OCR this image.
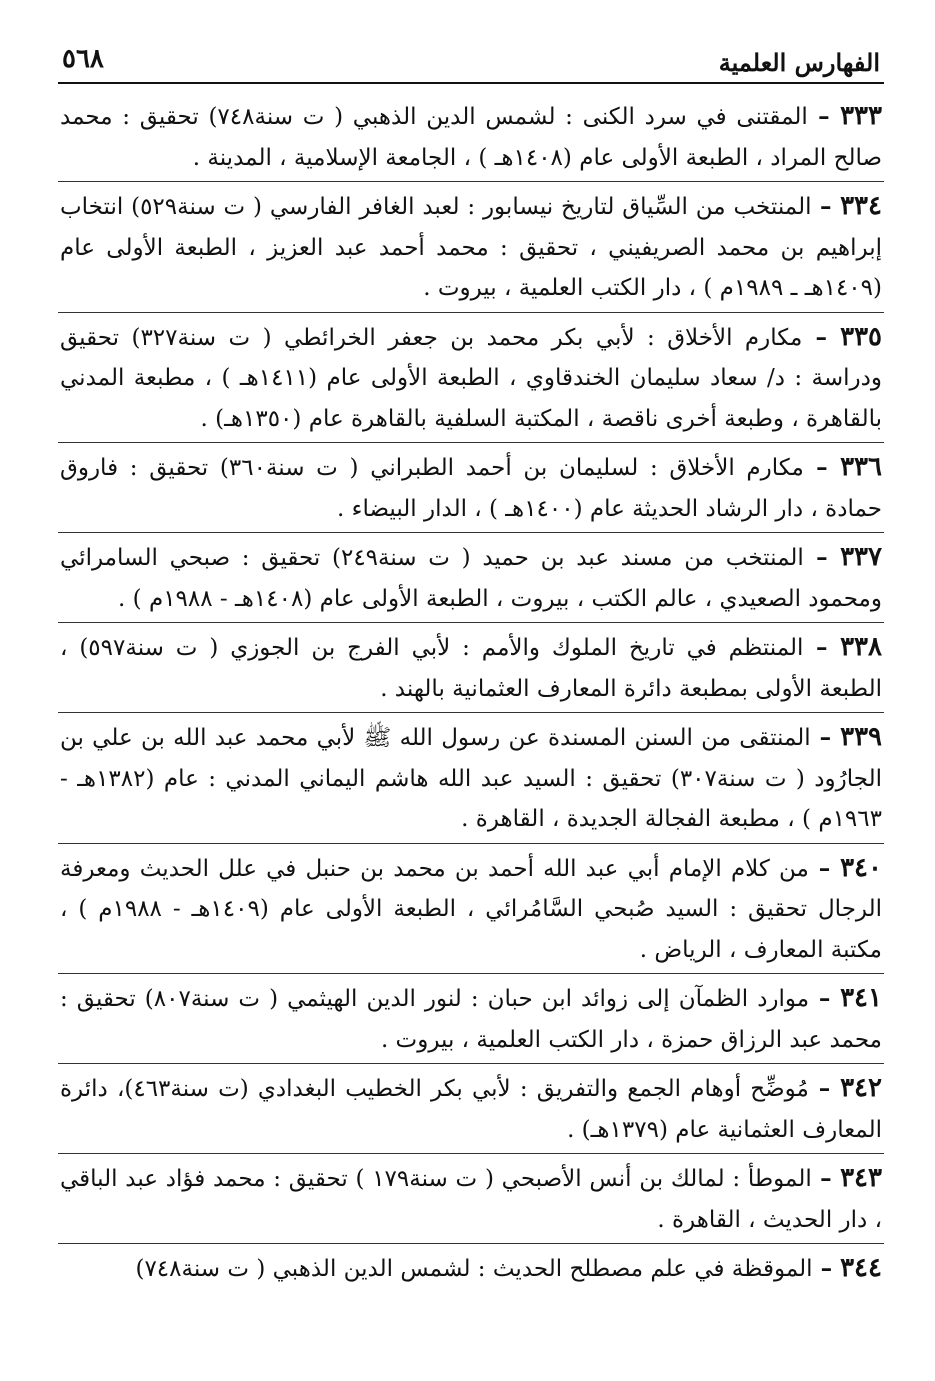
٥٦٨	الفهارس العلمية

٣٣٣ – المقتنى في سرد الكنى : لشمس الدين الذهبي ( ت سنة٧٤٨) تحقيق : محمد صالح المراد ، الطبعة الأولى عام (١٤٠٨هـ ) ، الجامعة الإسلامية ، المدينة .

٣٣٤ – المنتخب من السِّياق لتاريخ نيسابور : لعبد الغافر الفارسي ( ت سنة٥٢٩) انتخاب إبراهيم بن محمد الصريفيني ، تحقيق : محمد أحمد عبد العزيز ، الطبعة الأولى عام (١٤٠٩هـ ـ ١٩٨٩م ) ، دار الكتب العلمية ، بيروت .

٣٣٥ – مكارم الأخلاق : لأبي بكر محمد بن جعفر الخرائطي ( ت سنة٣٢٧) تحقيق ودراسة : د/ سعاد سليمان الخندقاوي ، الطبعة الأولى عام (١٤١١هـ ) ، مطبعة المدني بالقاهرة ، وطبعة أخرى ناقصة ، المكتبة السلفية بالقاهرة عام (١٣٥٠هـ) .

٣٣٦ – مكارم الأخلاق : لسليمان بن أحمد الطبراني ( ت سنة٣٦٠) تحقيق : فاروق حمادة ، دار الرشاد الحديثة عام (١٤٠٠هـ ) ، الدار البيضاء .

٣٣٧ – المنتخب من مسند عبد بن حميد ( ت سنة٢٤٩) تحقيق : صبحي السامرائي ومحمود الصعيدي ، عالم الكتب ، بيروت ، الطبعة الأولى عام (١٤٠٨هـ - ١٩٨٨م ) .

٣٣٨ – المنتظم في تاريخ الملوك والأمم : لأبي الفرج بن الجوزي ( ت سنة٥٩٧) ، الطبعة الأولى بمطبعة دائرة المعارف العثمانية بالهند .

٣٣٩ – المنتقى من السنن المسندة عن رسول الله ﷺ لأبي محمد عبد الله بن علي بن الجارُود ( ت سنة٣٠٧) تحقيق : السيد عبد الله هاشم اليماني المدني : عام (١٣٨٢هـ - ١٩٦٣م ) ، مطبعة الفجالة الجديدة ، القاهرة .

٣٤٠ – من كلام الإمام أبي عبد الله أحمد بن محمد بن حنبل في علل الحديث ومعرفة الرجال تحقيق : السيد صُبحي السَّامُرائي ، الطبعة الأولى عام (١٤٠٩هـ - ١٩٨٨م ) ، مكتبة المعارف ، الرياض .

٣٤١ – موارد الظمآن إلى زوائد ابن حبان : لنور الدين الهيثمي ( ت سنة٨٠٧) تحقيق : محمد عبد الرزاق حمزة ، دار الكتب العلمية ، بيروت .

٣٤٢ – مُوضِّح أوهام الجمع والتفريق : لأبي بكر الخطيب البغدادي (ت سنة٤٦٣)، دائرة المعارف العثمانية عام (١٣٧٩هـ) .

٣٤٣ – الموطأ : لمالك بن أنس الأصبحي ( ت سنة١٧٩ ) تحقيق : محمد فؤاد عبد الباقي ، دار الحديث ، القاهرة .

٣٤٤ – الموقظة في علم مصطلح الحديث : لشمس الدين الذهبي ( ت سنة٧٤٨)
